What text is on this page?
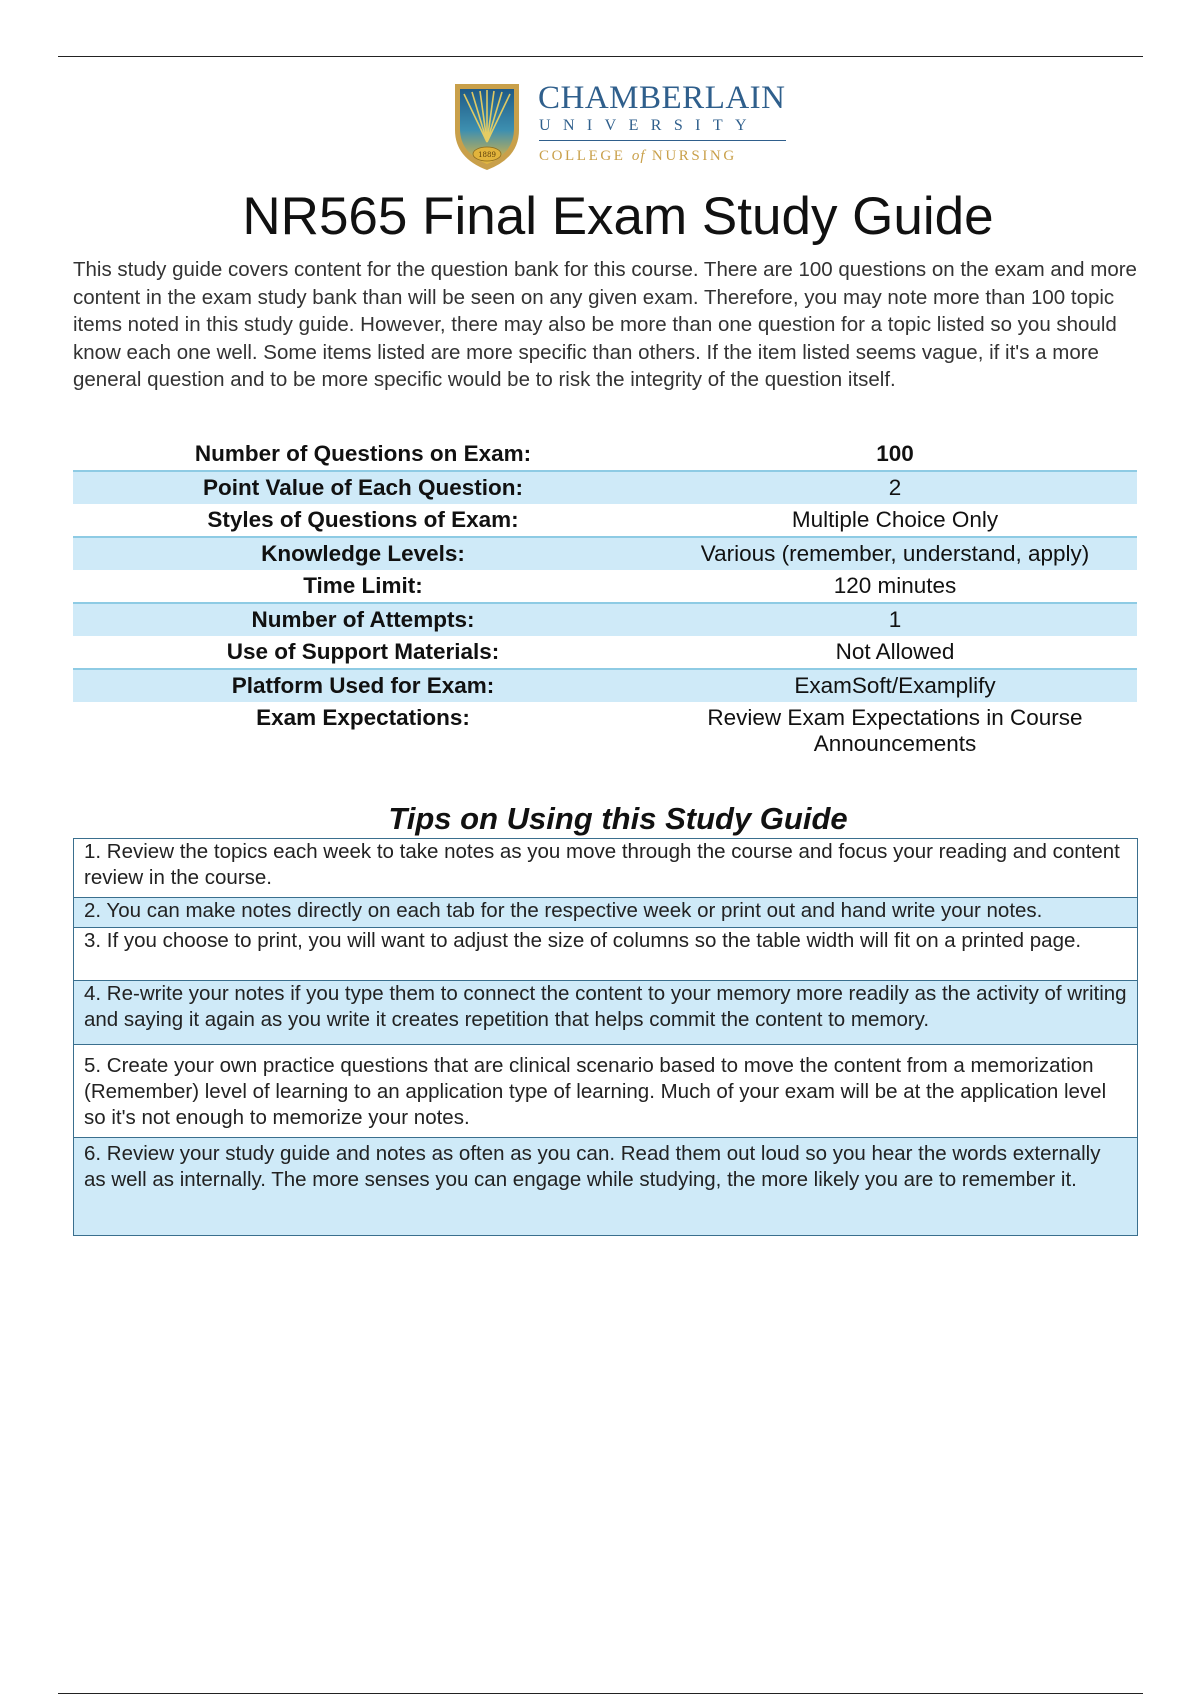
1889
CHAMBERLAIN
UNIVERSITY
COLLEGE of NURSING
NR565 Final Exam Study Guide

This study guide covers content for the question bank for this course. There are 100 questions on the exam and more content in the exam study bank than will be seen on any given exam. Therefore, you may note more than 100 topic items noted in this study guide. However, there may also be more than one question for a topic listed so you should know each one well. Some items listed are more specific than others. If the item listed seems vague, if it's a more general question and to be more specific would be to risk the integrity of the question itself.

Number of Questions on Exam:	100
Point Value of Each Question:	2
Styles of Questions of Exam:	Multiple Choice Only
Knowledge Levels:	Various (remember, understand, apply)
Time Limit:	120 minutes
Number of Attempts:	1
Use of Support Materials:	Not Allowed
Platform Used for Exam:	ExamSoft/Examplify
Exam Expectations:	Review Exam Expectations in Course Announcements
Tips on Using this Study Guide
1. Review the topics each week to take notes as you move through the course and focus your reading and content review in the course.
2. You can make notes directly on each tab for the respective week or print out and hand write your notes.
3. If you choose to print, you will want to adjust the size of columns so the table width will fit on a printed page.
4. Re-write your notes if you type them to connect the content to your memory more readily as the activity of writing and saying it again as you write it creates repetition that helps commit the content to memory.
5. Create your own practice questions that are clinical scenario based to move the content from a memorization (Remember) level of learning to an application type of learning. Much of your exam will be at the application level so it's not enough to memorize your notes.
6. Review your study guide and notes as often as you can. Read them out loud so you hear the words externally as well as internally. The more senses you can engage while studying, the more likely you are to remember it.
